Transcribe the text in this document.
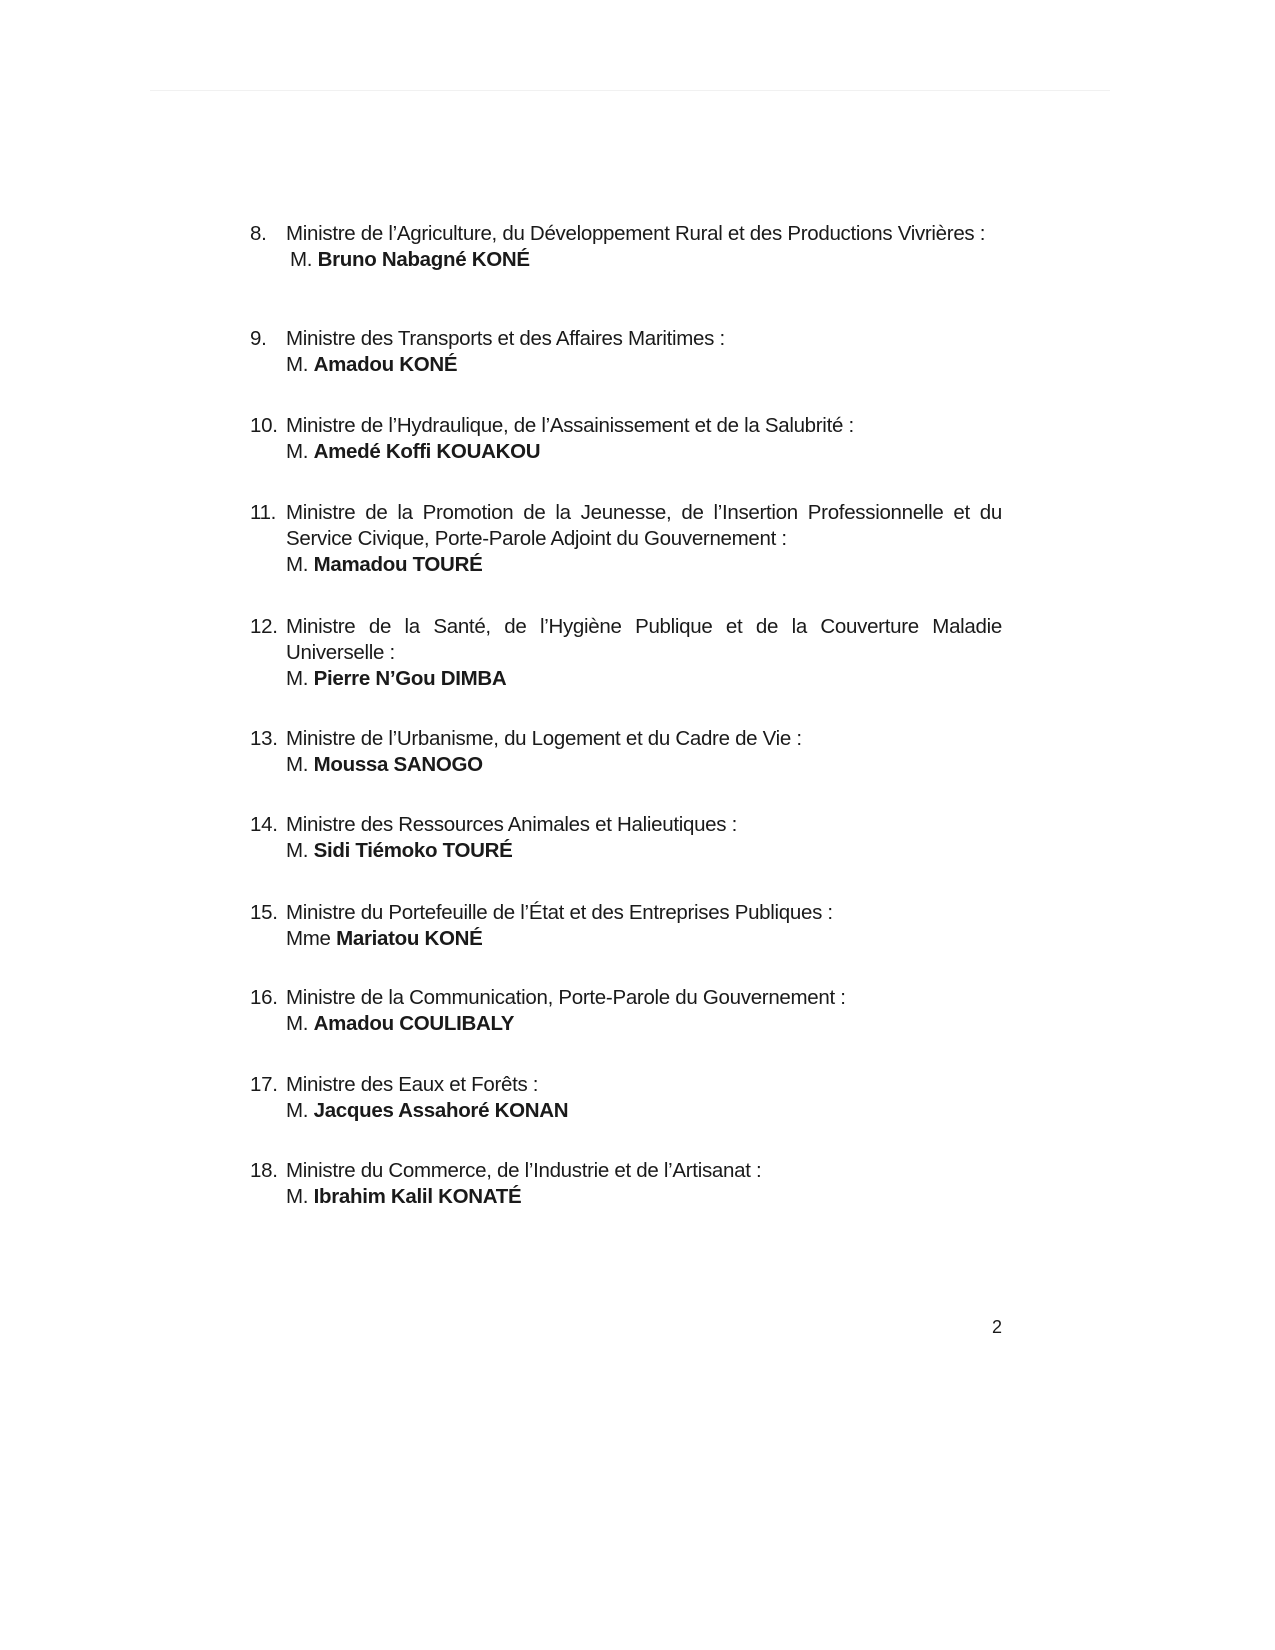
8. Ministre de l’Agriculture, du Développement Rural et des Productions Vivrières :
M. Bruno Nabagné KONÉ
9. Ministre des Transports et des Affaires Maritimes :
M. Amadou KONÉ
10. Ministre de l’Hydraulique, de l’Assainissement et de la Salubrité :
M. Amedé Koffi KOUAKOU
11. Ministre de la Promotion de la Jeunesse, de l’Insertion Professionnelle et du Service Civique, Porte-Parole Adjoint du Gouvernement :
M. Mamadou TOURÉ
12. Ministre de la Santé, de l’Hygiène Publique et de la Couverture Maladie Universelle :
M. Pierre N’Gou DIMBA
13. Ministre de l’Urbanisme, du Logement et du Cadre de Vie :
M. Moussa SANOGO
14. Ministre des Ressources Animales et Halieutiques :
M. Sidi Tiémoko TOURÉ
15. Ministre du Portefeuille de l’État et des Entreprises Publiques :
Mme Mariatou KONÉ
16. Ministre de la Communication, Porte-Parole du Gouvernement :
M. Amadou COULIBALY
17. Ministre des Eaux et Forêts :
M. Jacques Assahoré KONAN
18. Ministre du Commerce, de l’Industrie et de l’Artisanat :
M. Ibrahim Kalil KONATÉ
2
